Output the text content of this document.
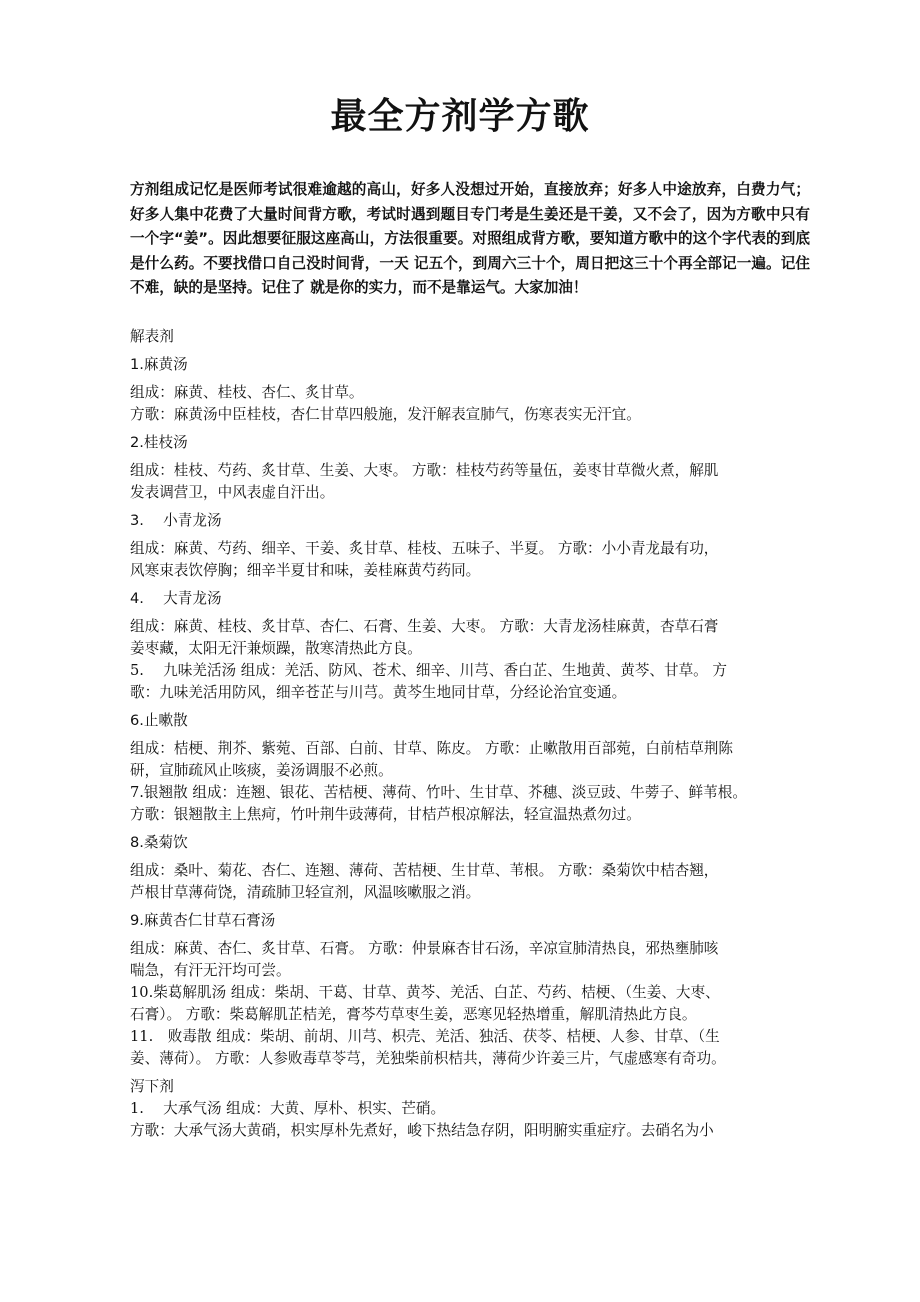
最全方剂学方歌
方剂组成记忆是医师考试很难逾越的高山，好多人没想过开始，直接放弃；好多人中途放弃，白费力气；好多人集中花费了大量时间背方歌，考试时遇到题目专门考是生姜还是干姜，又不会了，因为方歌中只有一个字“姜”。因此想要征服这座高山，方法很重要。对照组成背方歌，要知道方歌中的这个字代表的到底是什么药。不要找借口自己没时间背，一天 记五个，到周六三十个，周日把这三十个再全部记一遍。记住不难，缺的是坚持。记住了 就是你的实力，而不是靠运气。大家加油！
解表剂
1.麻黄汤
组成：麻黄、桂枝、杏仁、炙甘草。
方歌：麻黄汤中臣桂枝，杏仁甘草四般施，发汗解表宣肺气，伤寒表实无汗宜。
2.桂枝汤
组成：桂枝、芍药、炙甘草、生姜、大枣。 方歌：桂枝芍药等量伍，姜枣甘草微火煮，解肌
发表调营卫，中风表虚自汗出。
3.　 小青龙汤
组成：麻黄、芍药、细辛、干姜、炙甘草、桂枝、五味子、半夏。 方歌：小小青龙最有功，
风寒束表饮停胸；细辛半夏甘和味，姜桂麻黄芍药同。
4.　 大青龙汤
组成：麻黄、桂枝、炙甘草、杏仁、石膏、生姜、大枣。 方歌：大青龙汤桂麻黄，杏草石膏
姜枣藏，太阳无汗兼烦躁，散寒清热此方良。
5.　 九味羌活汤 组成：羌活、防风、苍术、细辛、川芎、香白芷、生地黄、黄芩、甘草。 方
歌：九味羌活用防风，细辛苍芷与川芎。黄芩生地同甘草，分经论治宜变通。
6.止嗽散
组成：桔梗、荆芥、紫菀、百部、白前、甘草、陈皮。 方歌：止嗽散用百部菀，白前桔草荆陈
研，宣肺疏风止咳痰，姜汤调服不必煎。
7.银翘散 组成：连翘、银花、苦桔梗、薄荷、竹叶、生甘草、芥穗、淡豆豉、牛蒡子、鲜苇根。
方歌：银翘散主上焦疴，竹叶荆牛豉薄荷，甘桔芦根凉解法，轻宣温热煮勿过。
8.桑菊饮
组成：桑叶、菊花、杏仁、连翘、薄荷、苦桔梗、生甘草、苇根。 方歌：桑菊饮中桔杏翘，
芦根甘草薄荷饶，清疏肺卫轻宣剂，风温咳嗽服之消。
9.麻黄杏仁甘草石膏汤
组成：麻黄、杏仁、炙甘草、石膏。 方歌：仲景麻杏甘石汤，辛凉宣肺清热良，邪热壅肺咳
喘急，有汗无汗均可尝。
10.柴葛解肌汤 组成：柴胡、干葛、甘草、黄芩、羌活、白芷、芍药、桔梗、（生姜、大枣、
石膏）。 方歌：柴葛解肌芷桔羌，膏芩芍草枣生姜，恶寒见轻热增重，解肌清热此方良。
11.　败毒散 组成：柴胡、前胡、川芎、枳壳、羌活、独活、茯苓、桔梗、人参、甘草、（生
姜、薄荷）。 方歌：人参败毒草苓芎，羌独柴前枳桔共，薄荷少许姜三片，气虚感寒有奇功。
泻下剂
1.　 大承气汤 组成：大黄、厚朴、枳实、芒硝。
方歌：大承气汤大黄硝，枳实厚朴先煮好，峻下热结急存阴，阳明腑实重症疗。去硝名为小
